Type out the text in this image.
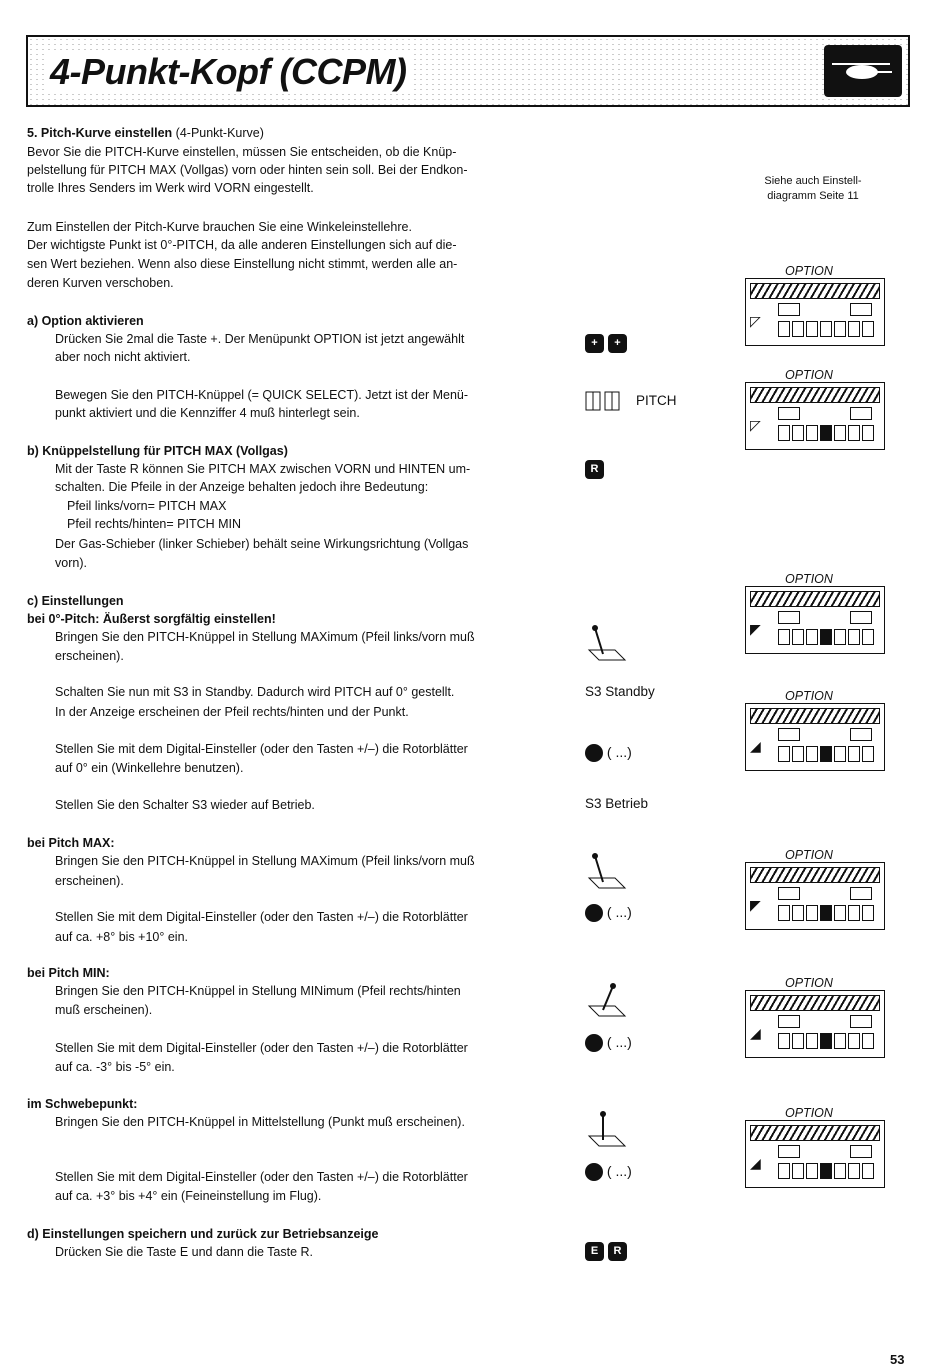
4-Punkt-Kopf (CCPM)
Siehe auch Einstell-
diagramm Seite 11
5. Pitch-Kurve einstellen (4-Punkt-Kurve)
Bevor Sie die PITCH-Kurve einstellen, müssen Sie entscheiden, ob die Knüp-
pelstellung für PITCH MAX (Vollgas) vorn oder hinten sein soll. Bei der Endkon-
trolle Ihres Senders im Werk wird VORN eingestellt.
Zum Einstellen der Pitch-Kurve brauchen Sie eine Winkeleinstellehre.
Der wichtigste Punkt ist 0°-PITCH, da alle anderen Einstellungen sich auf die-
sen Wert beziehen. Wenn also diese Einstellung nicht stimmt, werden alle an-
deren Kurven verschoben.
a) Option aktivieren
Drücken Sie 2mal die Taste +. Der Menüpunkt OPTION ist jetzt angewählt
aber noch nicht aktiviert.
Bewegen Sie den PITCH-Knüppel (= QUICK SELECT). Jetzt ist der Menü-
punkt aktiviert und die Kennziffer 4 muß hinterlegt sein.
+ +
PITCH
b) Knüppelstellung für PITCH MAX (Vollgas)
Mit der Taste R können Sie PITCH MAX zwischen VORN und HINTEN um-
schalten. Die Pfeile in der Anzeige behalten jedoch ihre Bedeutung:
Pfeil links/vorn= PITCH MAX
Pfeil rechts/hinten= PITCH MIN
Der Gas-Schieber (linker Schieber) behält seine Wirkungsrichtung (Vollgas
vorn).
R
c) Einstellungen
bei 0°-Pitch: Äußerst sorgfältig einstellen!
Bringen Sie den PITCH-Knüppel in Stellung MAXimum (Pfeil links/vorn muß
erscheinen).
Schalten Sie nun mit S3 in Standby. Dadurch wird PITCH auf 0° gestellt.
In der Anzeige erscheinen der Pfeil rechts/hinten und der Punkt.
Stellen Sie mit dem Digital-Einsteller (oder den Tasten +/–) die Rotorblätter
auf 0° ein (Winkellehre benutzen).
Stellen Sie den Schalter S3 wieder auf Betrieb.
S3 Standby
( ...)
S3 Betrieb
bei Pitch MAX:
Bringen Sie den PITCH-Knüppel in Stellung MAXimum (Pfeil links/vorn muß
erscheinen).
Stellen Sie mit dem Digital-Einsteller (oder den Tasten +/–) die Rotorblätter
auf ca. +8° bis +10° ein.
( ...)
bei Pitch MIN:
Bringen Sie den PITCH-Knüppel in Stellung MINimum (Pfeil rechts/hinten
muß erscheinen).
Stellen Sie mit dem Digital-Einsteller (oder den Tasten +/–) die Rotorblätter
auf ca. -3° bis -5° ein.
( ...)
im Schwebepunkt:
Bringen Sie den PITCH-Knüppel in Mittelstellung (Punkt muß erscheinen).
Stellen Sie mit dem Digital-Einsteller (oder den Tasten +/–) die Rotorblätter
auf ca. +3° bis +4° ein (Feineinstellung im Flug).
( ...)
d) Einstellungen speichern und zurück zur Betriebsanzeige
Drücken Sie die Taste E und dann die Taste R.	E R
OPTION
◸
OPTION
◸
OPTION
◤
OPTION
◢
OPTION
◤
OPTION
◢
OPTION
◢
53
